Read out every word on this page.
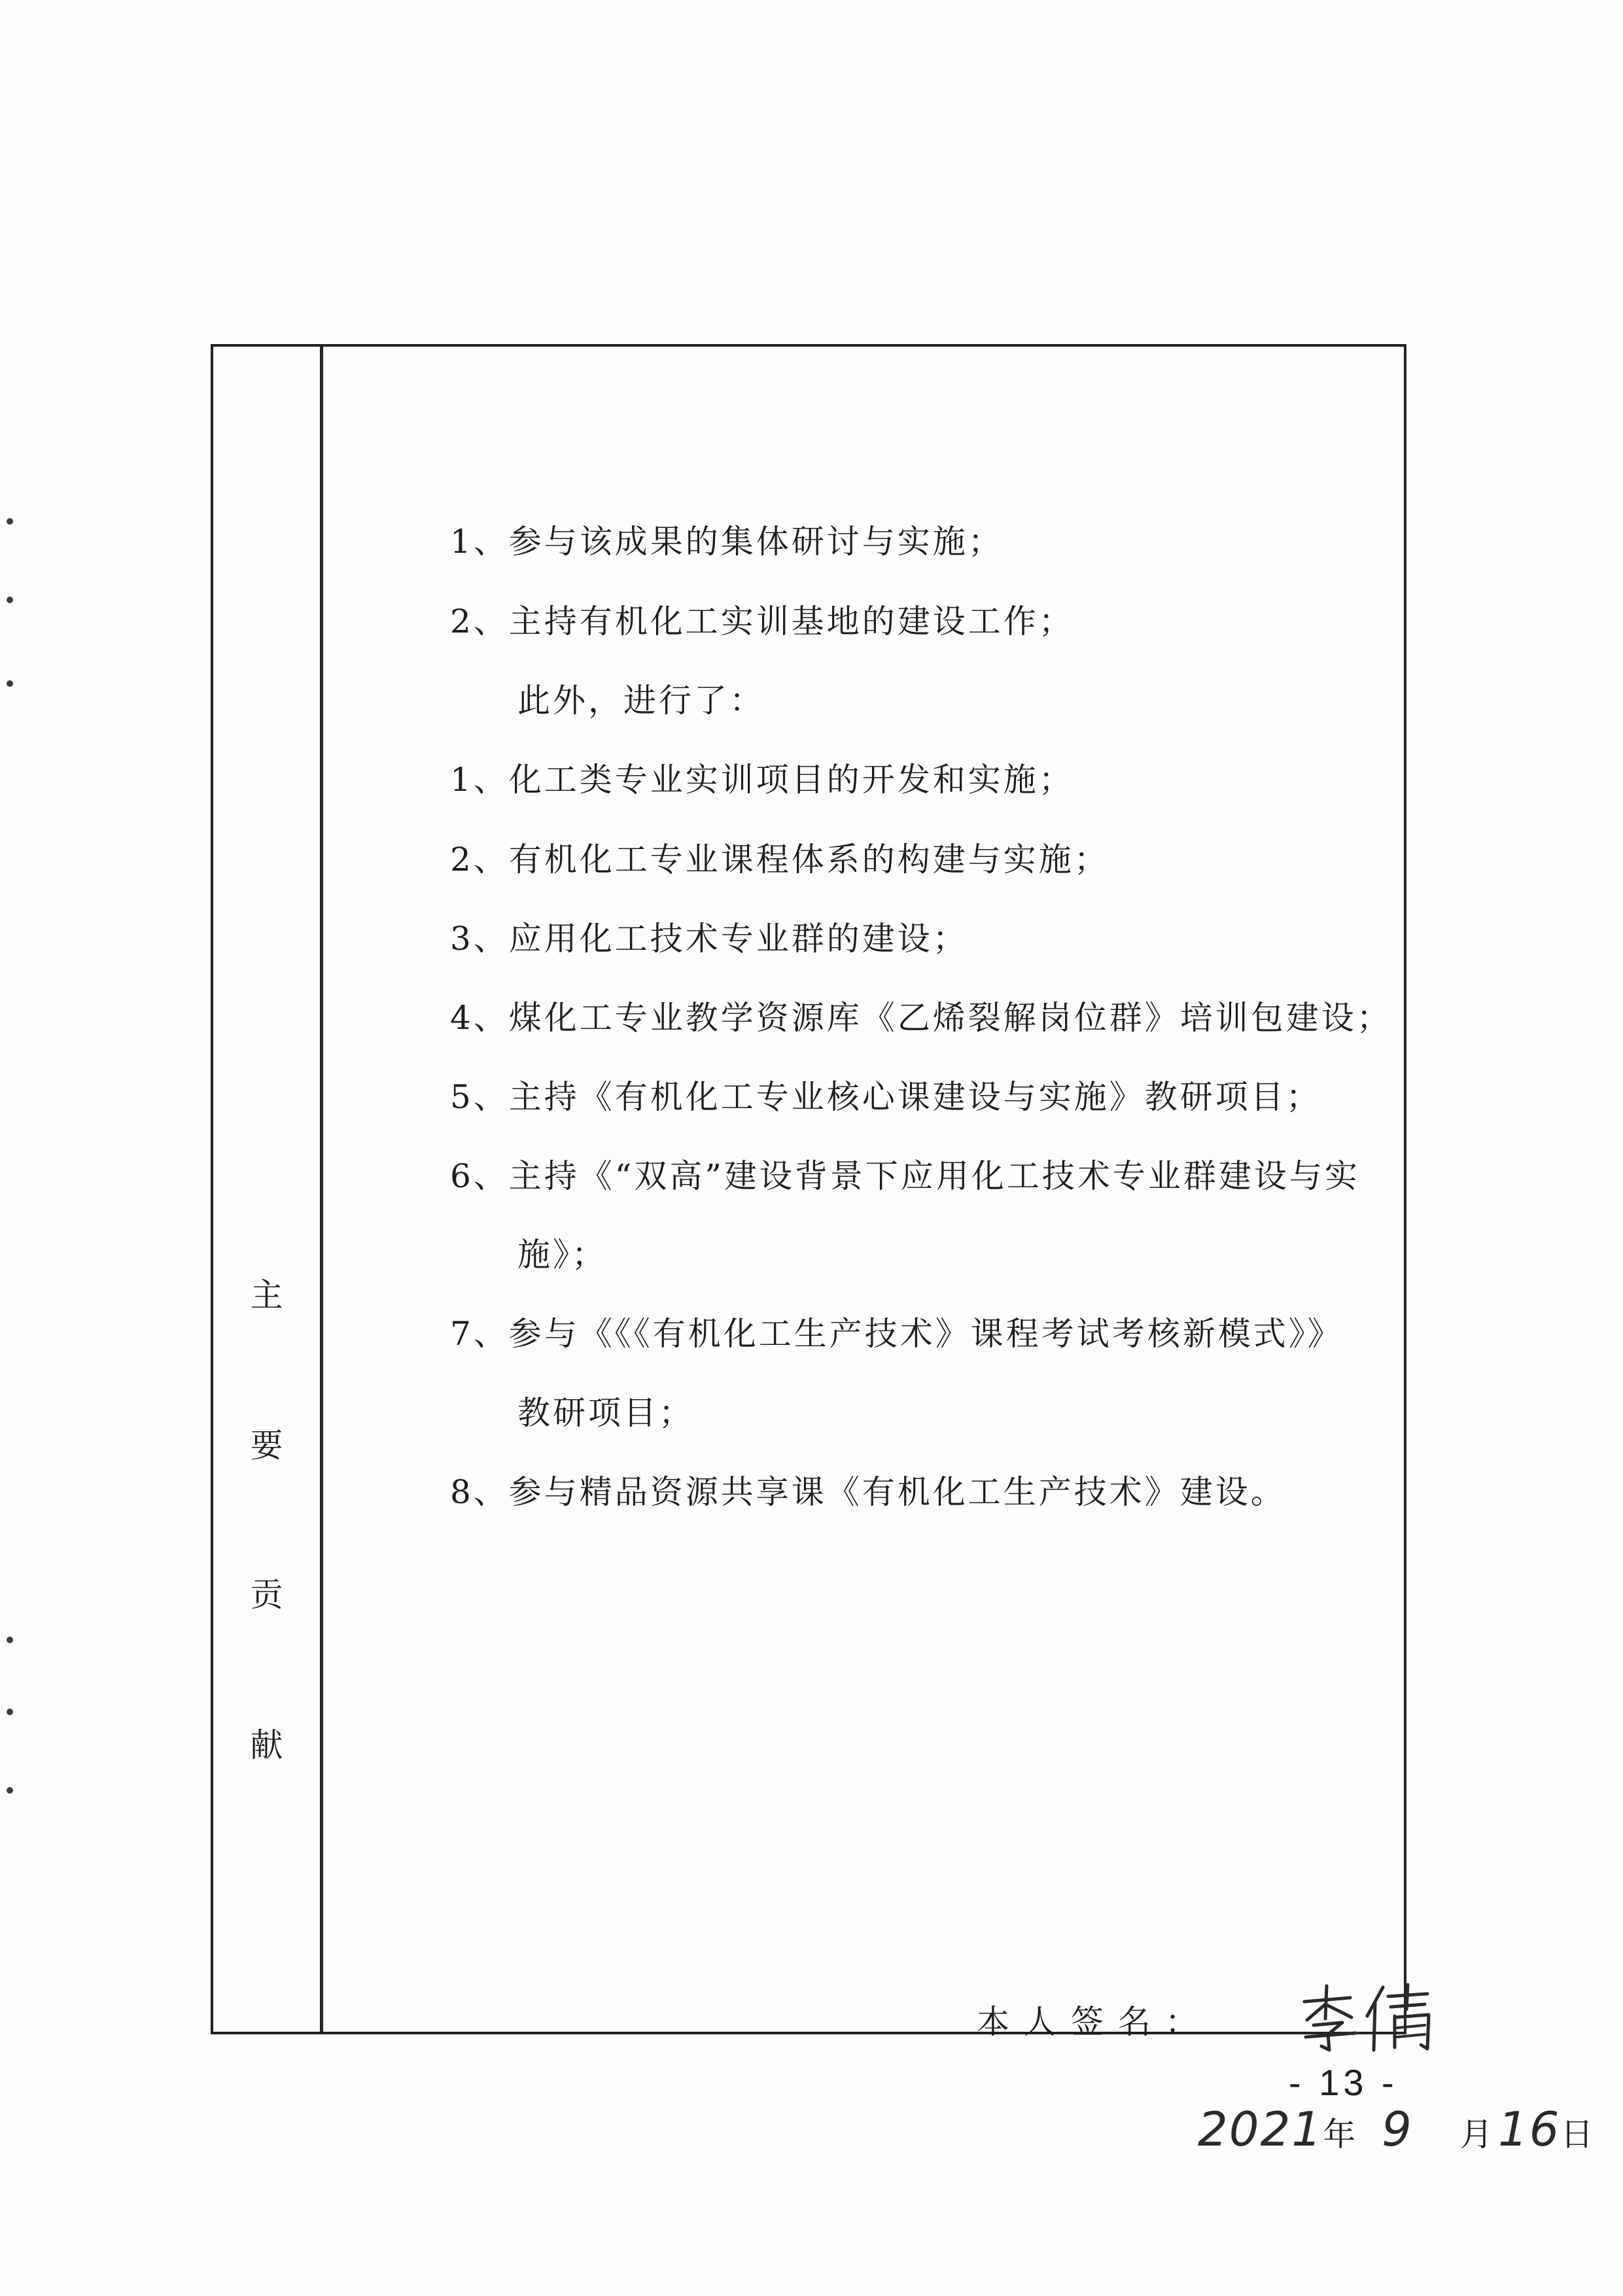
主
要
贡
献
1、参与该成果的集体研讨与实施；
2、主持有机化工实训基地的建设工作；
此外，进行了：
1、化工类专业实训项目的开发和实施；
2、有机化工专业课程体系的构建与实施；
3、应用化工技术专业群的建设；
4、煤化工专业教学资源库《乙烯裂解岗位群》培训包建设；
5、主持《有机化工专业核心课建设与实施》教研项目；
6、主持《“双高”建设背景下应用化工技术专业群建设与实
施》；
7、参与《《《有机化工生产技术》课程考试考核新模式》》
教研项目；
8、参与精品资源共享课《有机化工生产技术》建设。
本人签名：
2021年 9 月 16日
- 13 -
